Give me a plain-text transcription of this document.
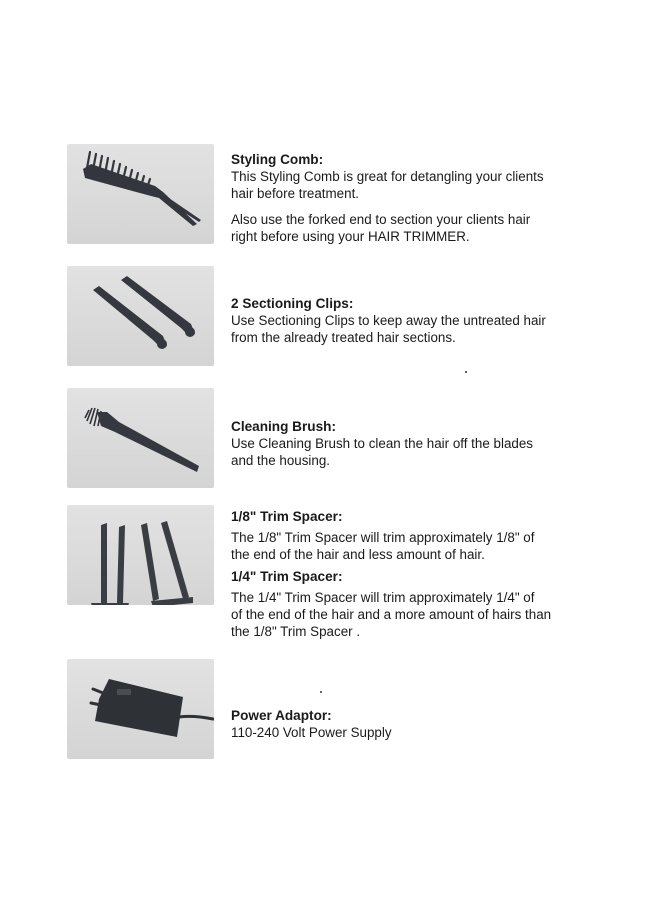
Styling Comb:

This Styling Comb is great for detangling your clients

hair before treatment.

Also use the forked end to section your clients hair

right before using your HAIR TRIMMER.

2 Sectioning Clips:

Use Sectioning Clips to keep away the untreated hair

from the already treated hair sections.

Cleaning Brush:

Use Cleaning Brush to clean the hair off the blades

and the housing.

1/8" Trim Spacer:

The 1/8" Trim Spacer will trim approximately 1/8" of

the end of the hair and less amount of hair.

1/4" Trim Spacer:

The 1/4" Trim Spacer will trim approximately 1/4" of

of the end of the hair and a more amount of hairs than

the 1/8" Trim Spacer .

Power Adaptor:

110-240 Volt Power Supply
